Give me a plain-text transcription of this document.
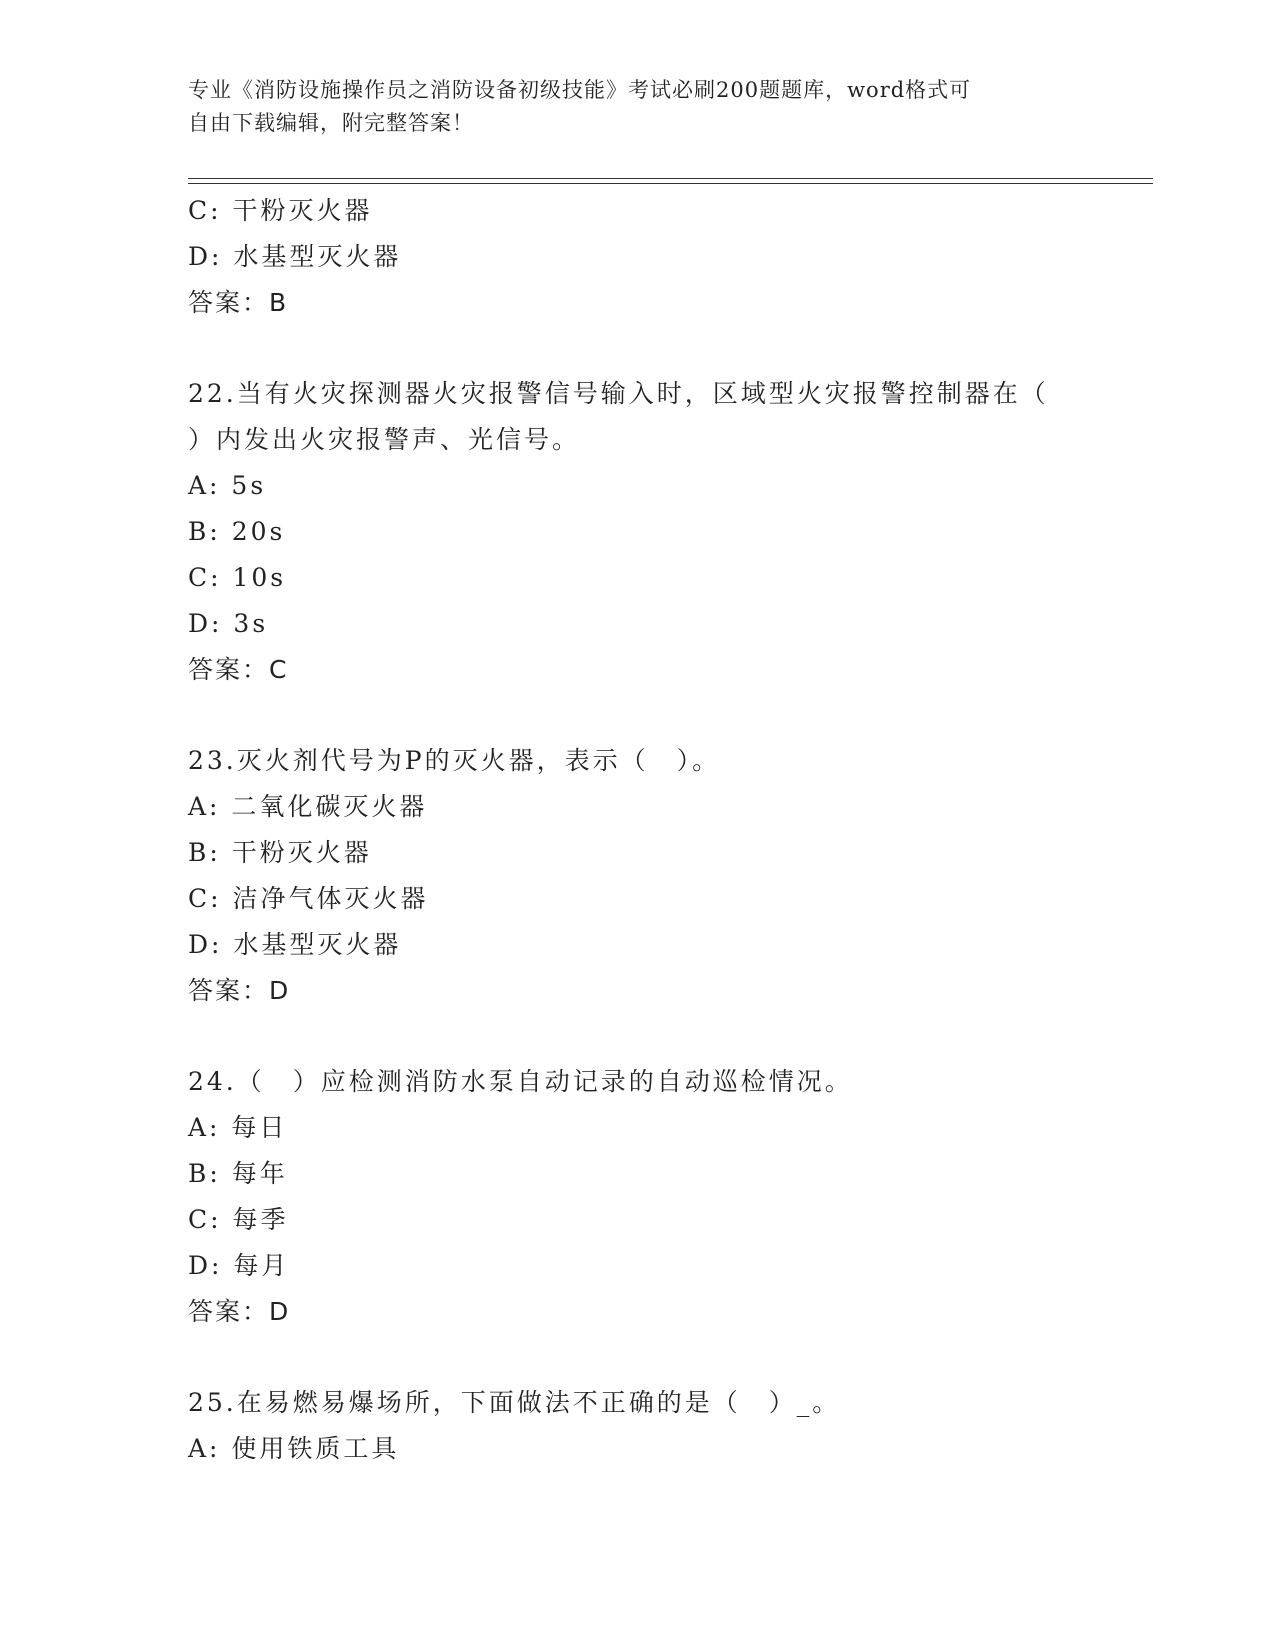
专业《消防设施操作员之消防设备初级技能》考试必刷200题题库，word格式可
自由下载编辑，附完整答案！
C: 干粉灭火器
D: 水基型灭火器
答案：B
22.当有火灾探测器火灾报警信号输入时，区域型火灾报警控制器在（
）内发出火灾报警声、光信号。
A: 5s
B: 20s
C: 10s
D: 3s
答案：C
23.灭火剂代号为P的灭火器，表示（　）。
A: 二氧化碳灭火器
B: 干粉灭火器
C: 洁净气体灭火器
D: 水基型灭火器
答案：D
24.（　）应检测消防水泵自动记录的自动巡检情况。
A: 每日
B: 每年
C: 每季
D: 每月
答案：D
25.在易燃易爆场所，下面做法不正确的是（　）_。
A: 使用铁质工具
